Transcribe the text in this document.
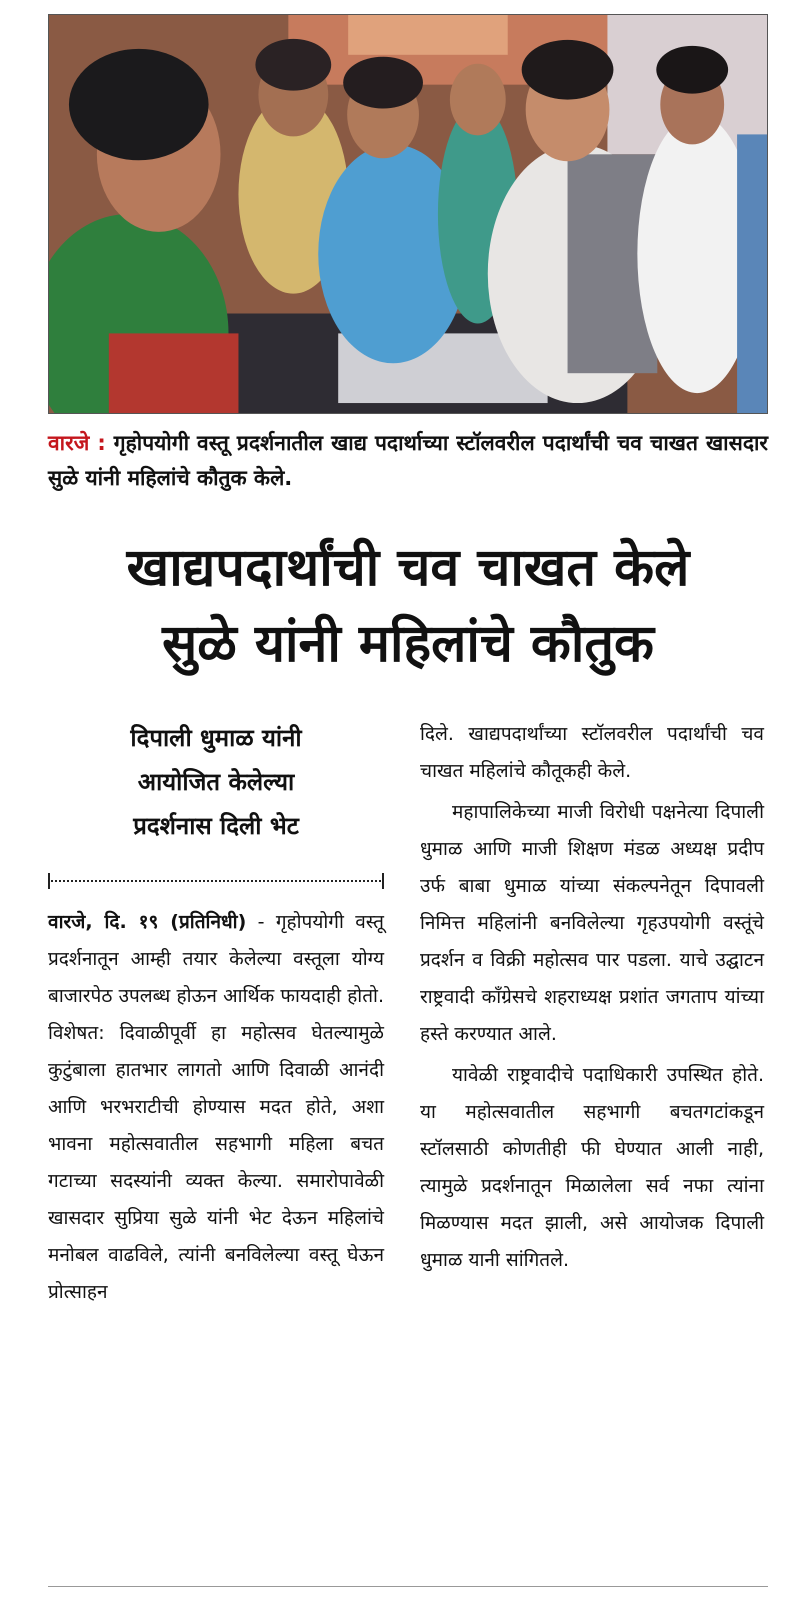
वारजे : गृहोपयोगी वस्तू प्रदर्शनातील खाद्य पदार्थाच्या स्टॉलवरील पदार्थांची चव चाखत खासदार सुळे यांनी महिलांचे कौतुक केले.
खाद्यपदार्थांची चव चाखत केले
सुळे यांनी महिलांचे कौतुक
दिपाली धुमाळ यांनी
आयोजित केलेल्या
प्रदर्शनास दिली भेट
वारजे, दि. १९ (प्रतिनिधी) - गृहोपयोगी वस्तू प्रदर्शनातून आम्ही तयार केलेल्या वस्तूला योग्य बाजारपेठ उपलब्ध होऊन आर्थिक फायदाही होतो. विशेषत: दिवाळीपूर्वी हा महोत्सव घेतल्यामुळे कुटुंबाला हातभार लागतो आणि दिवाळी आनंदी आणि भरभराटीची होण्यास मदत होते, अशा भावना महोत्सवातील सहभागी महिला बचत गटाच्या सदस्यांनी व्यक्त केल्या. समारोपावेळी खासदार सुप्रिया सुळे यांनी भेट देऊन महिलांचे मनोबल वाढविले, त्यांनी बनविलेल्या वस्तू घेऊन प्रोत्साहन

दिले. खाद्यपदार्थांच्या स्टॉलवरील पदार्थांची चव चाखत महिलांचे कौतूकही केले.

महापालिकेच्या माजी विरोधी पक्षनेत्या दिपाली धुमाळ आणि माजी शिक्षण मंडळ अध्यक्ष प्रदीप उर्फ बाबा धुमाळ यांच्या संकल्पनेतून दिपावली निमित्त महिलांनी बनविलेल्या गृहउपयोगी वस्तूंचे प्रदर्शन व विक्री महोत्सव पार पडला. याचे उद्घाटन राष्ट्रवादी काँग्रेसचे शहराध्यक्ष प्रशांत जगताप यांच्या हस्ते करण्यात आले.

यावेळी राष्ट्रवादीचे पदाधिकारी उपस्थित होते. या महोत्सवातील सहभागी बचतगटांकडून स्टॉलसाठी कोणतीही फी घेण्यात आली नाही, त्यामुळे प्रदर्शनातून मिळालेला सर्व नफा त्यांना मिळण्यास मदत झाली, असे आयोजक दिपाली धुमाळ यानी सांगितले.
